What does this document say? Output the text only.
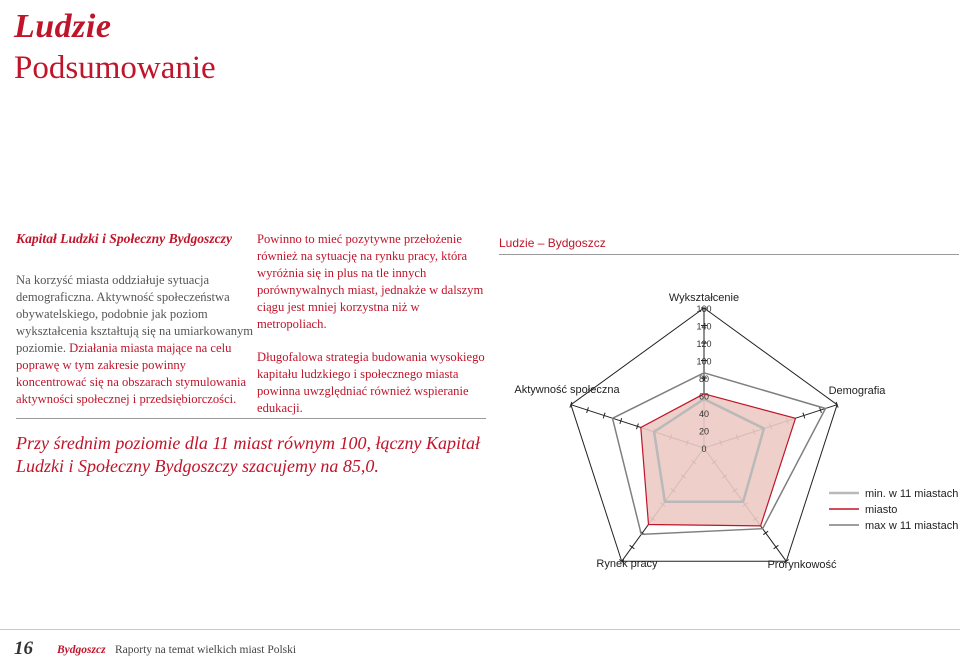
Ludzie
Podsumowanie
Kapitał Ludzki i Społeczny Bydgoszczy
Na korzyść miasta oddziałuje sytuacja demograficzna. Aktywność społeczeństwa obywatelskiego, podobnie jak poziom wykształcenia kształtują się na umiarkowanym poziomie. Działania miasta mające na celu poprawę w tym zakresie powinny koncentrować się na obszarach stymulowania aktywności społecznej i przedsiębiorczości.

Powinno to mieć pozytywne przełożenie również na sytuację na rynku pracy, która wyróżnia się in plus na tle innych porównywalnych miast, jednakże w dalszym ciągu jest mniej korzystna niż w metropoliach.

Długofalowa strategia budowania wysokiego kapitału ludzkiego i społecznego miasta powinna uwzględniać również wspieranie edukacji.

Przy średnim poziomie dla 11 miast równym 100, łączny Kapitał Ludzki i Społeczny Bydgoszczy szacujemy na 85,0.
Ludzie – Bydgoszcz
0
20
40
60
80
100
120
140
160
Wykształcenie
Demografia
Prorynkowość
Rynek pracy
Aktywność społeczna
min. w 11 miastach
miasto
max w 11 miastach
16 Bydgoszcz Raporty na temat wielkich miast Polski
